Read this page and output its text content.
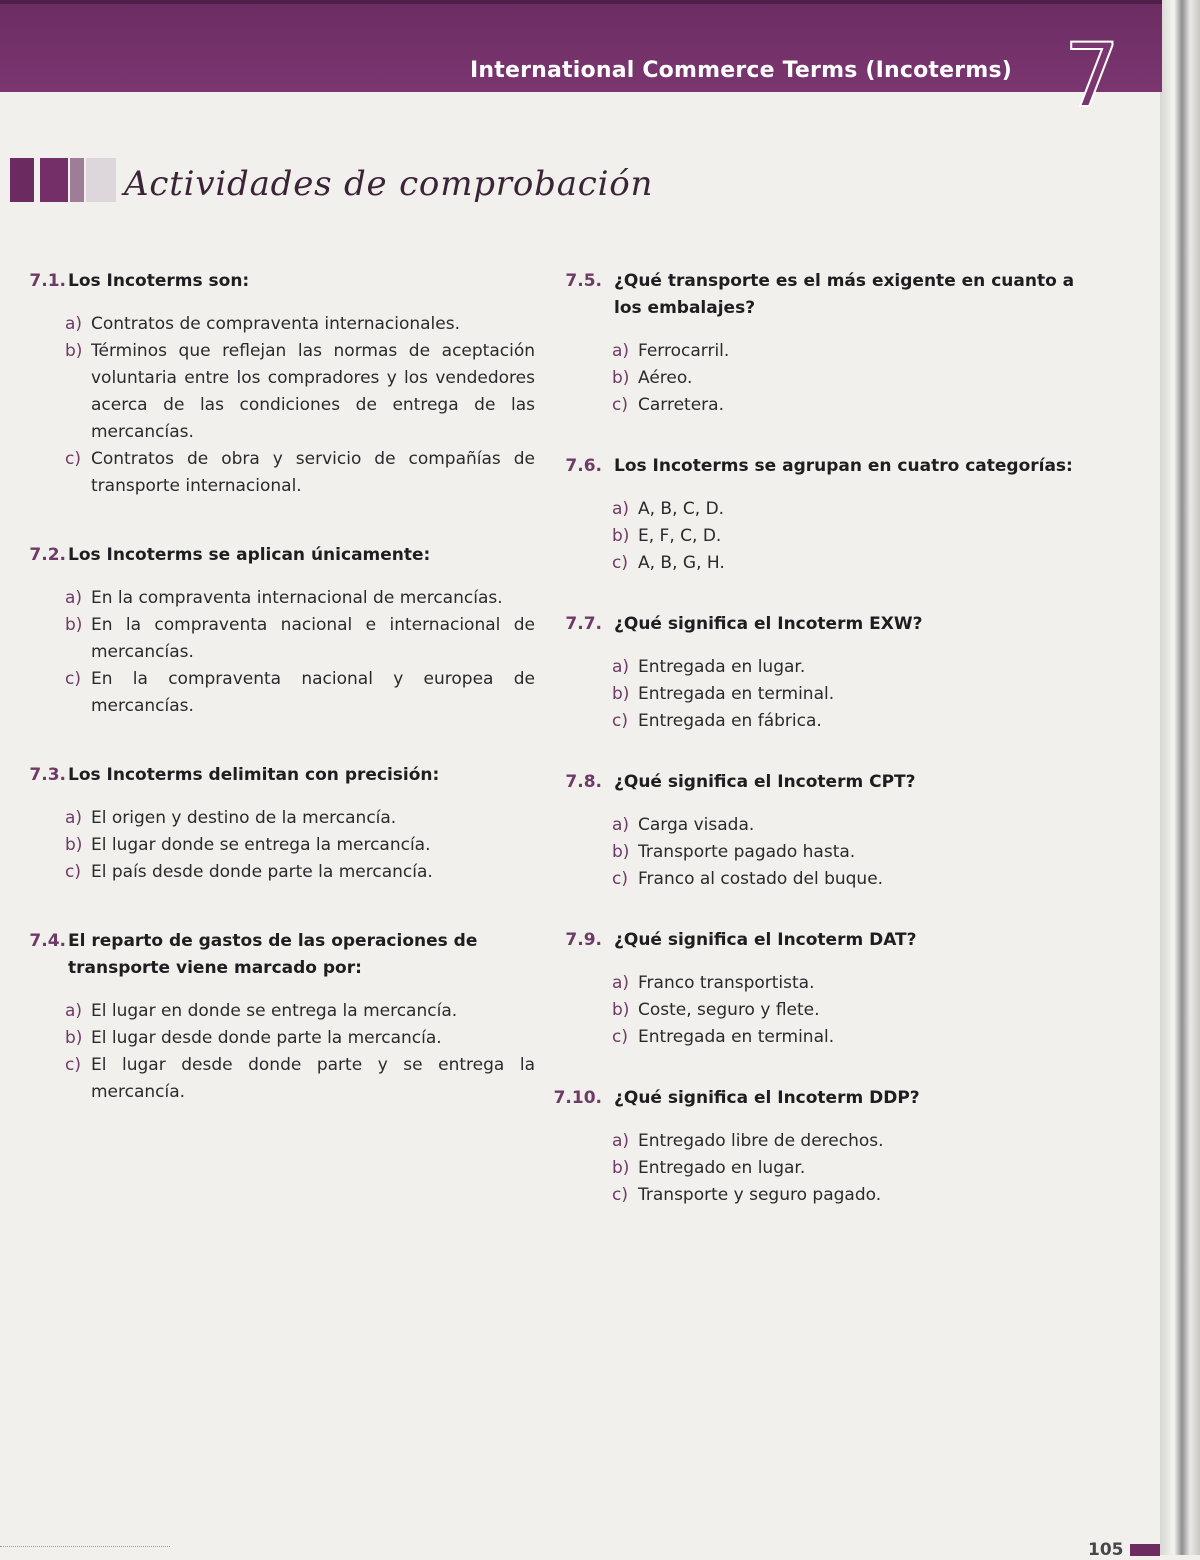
International Commerce Terms (Incoterms) 7
Actividades de comprobación
7.1. Los Incoterms son:
a) Contratos de compraventa internacionales.
b) Términos que reflejan las normas de aceptación voluntaria entre los compradores y los vendedores acerca de las condiciones de entrega de las mercancías.
c) Contratos de obra y servicio de compañías de transporte internacional.
7.2. Los Incoterms se aplican únicamente:
a) En la compraventa internacional de mercancías.
b) En la compraventa nacional e internacional de mercancías.
c) En la compraventa nacional y europea de mercancías.
7.3. Los Incoterms delimitan con precisión:
a) El origen y destino de la mercancía.
b) El lugar donde se entrega la mercancía.
c) El país desde donde parte la mercancía.
7.4. El reparto de gastos de las operaciones de transporte viene marcado por:
a) El lugar en donde se entrega la mercancía.
b) El lugar desde donde parte la mercancía.
c) El lugar desde donde parte y se entrega la mercancía.
7.5. ¿Qué transporte es el más exigente en cuanto a los embalajes?
a) Ferrocarril.
b) Aéreo.
c) Carretera.
7.6. Los Incoterms se agrupan en cuatro categorías:
a) A, B, C, D.
b) E, F, C, D.
c) A, B, G, H.
7.7. ¿Qué significa el Incoterm EXW?
a) Entregada en lugar.
b) Entregada en terminal.
c) Entregada en fábrica.
7.8. ¿Qué significa el Incoterm CPT?
a) Carga visada.
b) Transporte pagado hasta.
c) Franco al costado del buque.
7.9. ¿Qué significa el Incoterm DAT?
a) Franco transportista.
b) Coste, seguro y flete.
c) Entregada en terminal.
7.10. ¿Qué significa el Incoterm DDP?
a) Entregado libre de derechos.
b) Entregado en lugar.
c) Transporte y seguro pagado.
105
